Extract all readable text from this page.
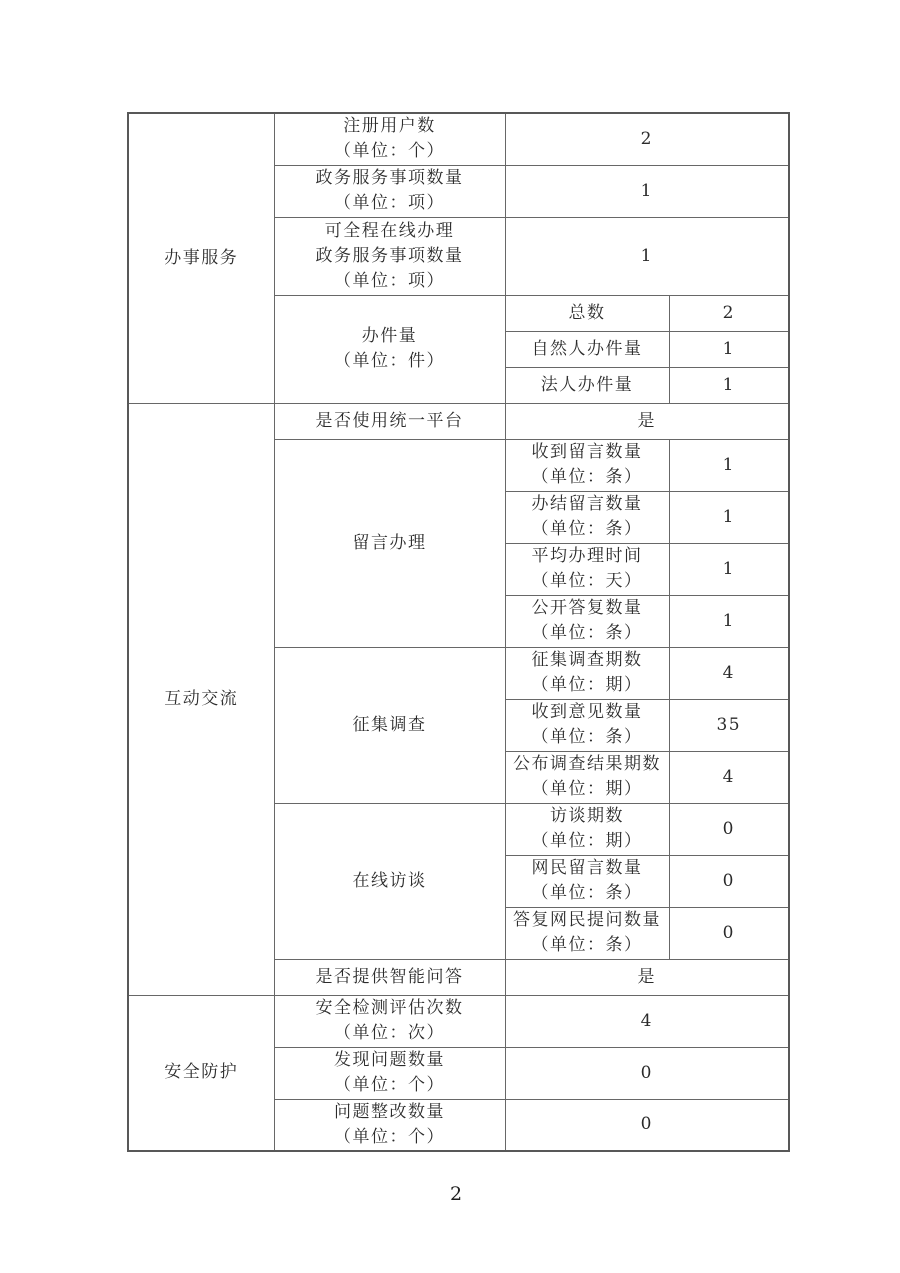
办事服务	注册用户数
（单位：个）	2	

	政务服务事项数量
（单位：项）	1	

	可全程在线办理
政务服务事项数量
（单位：项）	1	

	办件量
（单位：件）	总数	2

		自然人办件量	1

		法人办件量	1

互动交流	是否使用统一平台	是	

	留言办理	收到留言数量
（单位：条）	1

		办结留言数量
（单位：条）	1

		平均办理时间
（单位：天）	1

		公开答复数量
（单位：条）	1

	征集调查	征集调查期数
（单位：期）	4

		收到意见数量
（单位：条）	35

		公布调查结果期数
（单位：期）	4

	在线访谈	访谈期数
（单位：期）	0

		网民留言数量
（单位：条）	0

		答复网民提问数量
（单位：条）	0

	是否提供智能问答	是	

安全防护	安全检测评估次数
（单位：次）	4	

	发现问题数量
（单位：个）	0	

	问题整改数量
（单位：个）	0	
2
